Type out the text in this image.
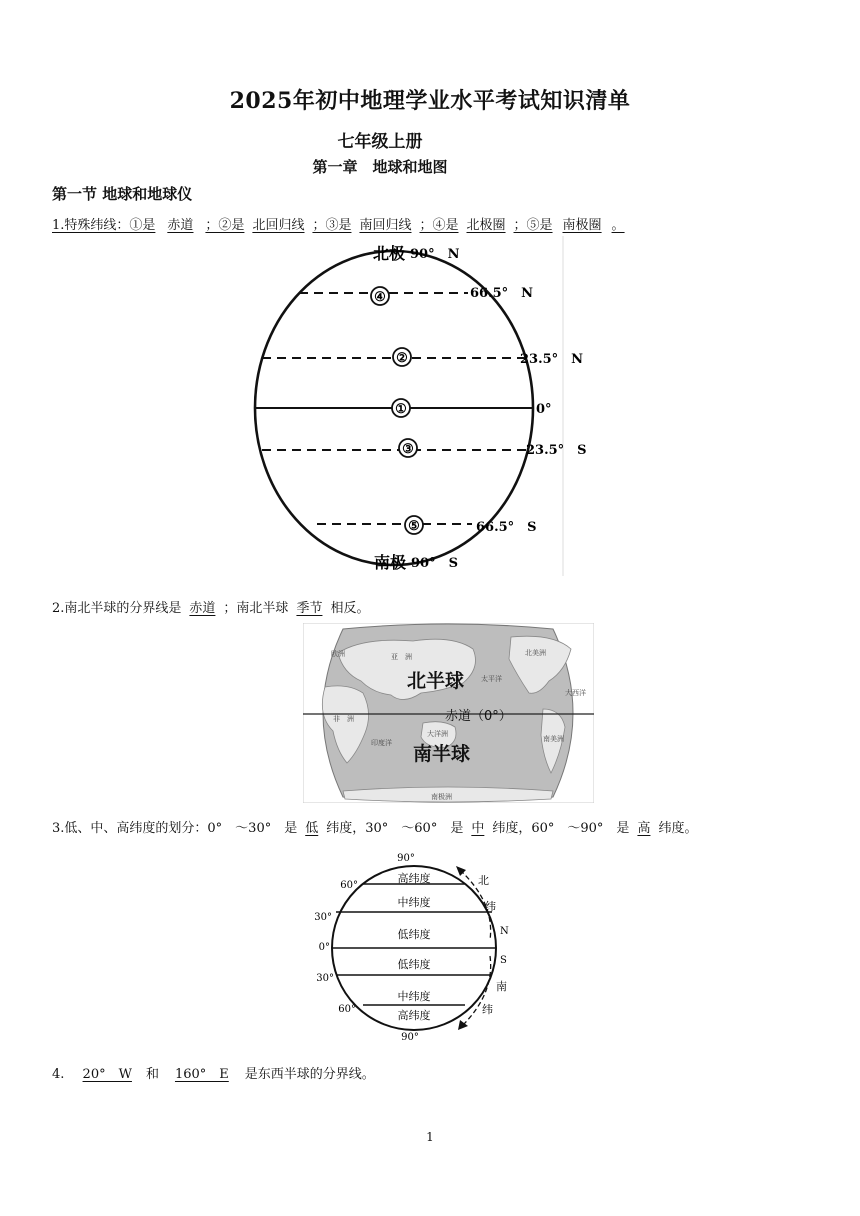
2025年初中地理学业水平考试知识清单
七年级上册
第一章　地球和地图
第一节 地球和地球仪
1.特殊纬线：①是 赤道 ；②是 北回归线 ；③是 南回归线 ；④是 北极圈 ；⑤是 南极圈 。
④
②
①
③
⑤
北极 90°　N
66.5°　N
23.5°　N
0°
23.5°　S
66.5°　S
南极 90°　S
2.南北半球的分界线是 赤道 ；南北半球 季节 相反。
欧洲	亚　洲
非　洲
大洋洲
北美洲
南美洲
南极洲
太平洋
印度洋
大西洋
北半球
赤道（0°）
南半球
3.低、中、高纬度的划分：0°　～30°　是 低 纬度，30°　～60°　是 中 纬度，60°　～90°　是 高 纬度。
高纬度
中纬度
低纬度
低纬度
中纬度
高纬度
90°
60°
30°
0°
30°
60°
90°
北
纬
N
S
南
纬
4. 20°　W 和 160°　E 是东西半球的分界线。
1
